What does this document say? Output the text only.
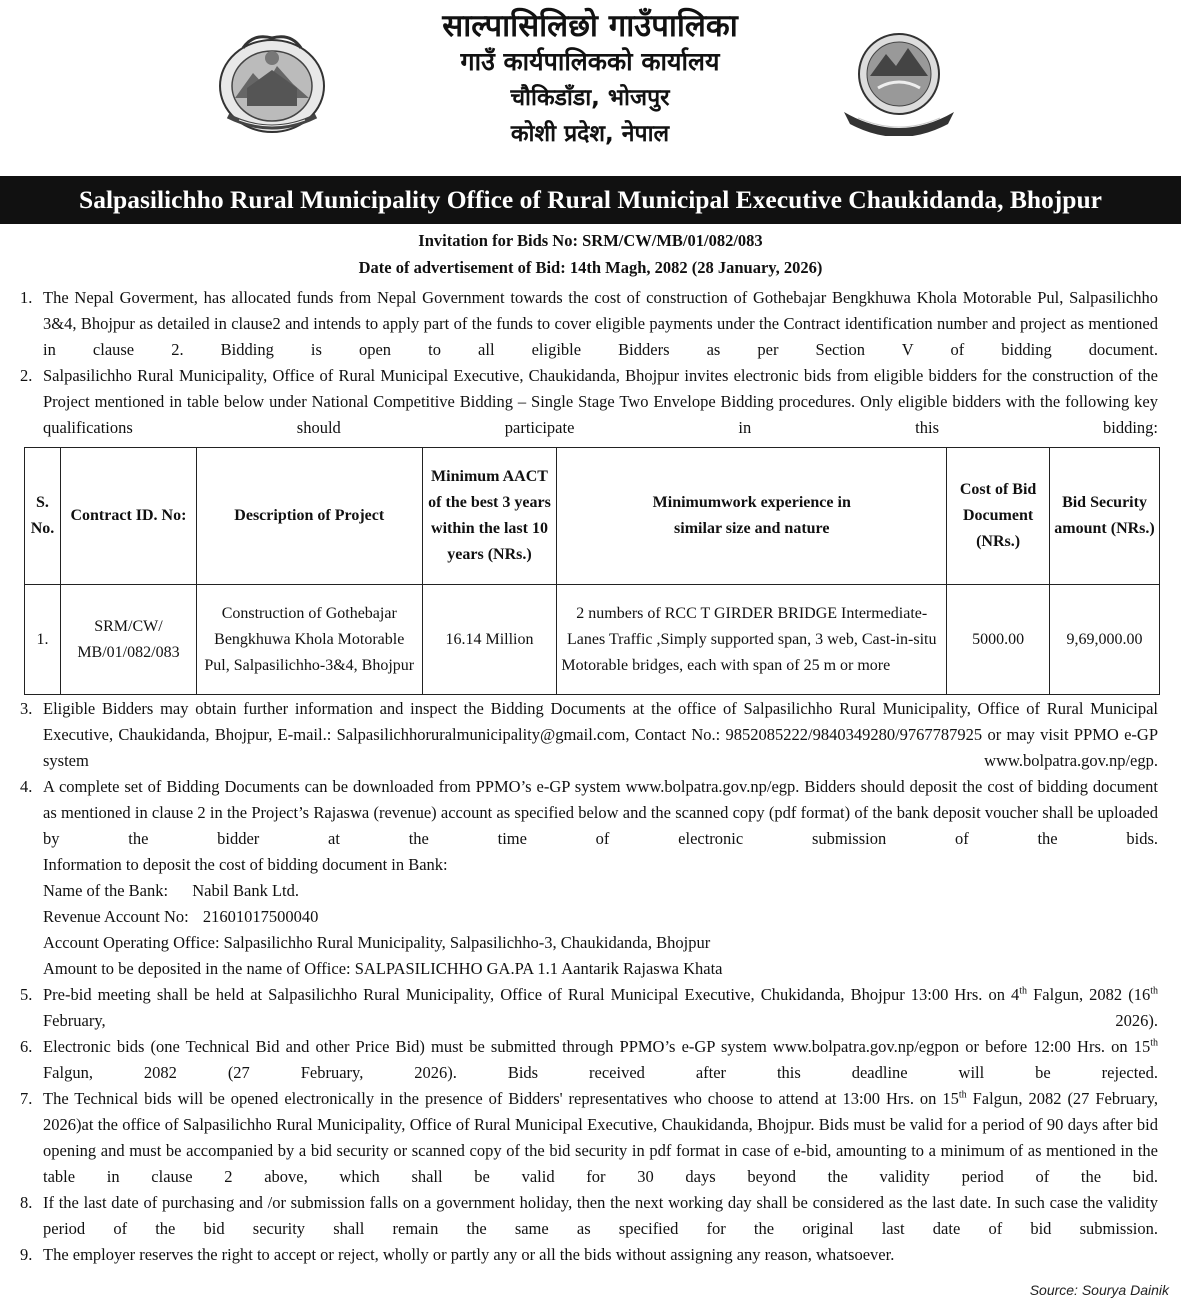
साल्पासिलिछो गाउँपालिका
गाउँ कार्यपालिकको कार्यालय
चौकिडाँडा, भोजपुर
कोशी प्रदेश, नेपाल
Salpasilichho Rural Municipality Office of Rural Municipal Executive Chaukidanda, Bhojpur
Invitation for Bids No: SRM/CW/MB/01/082/083
Date of advertisement of Bid: 14th Magh, 2082 (28 January, 2026)
1. The Nepal Goverment, has allocated funds from Nepal Government towards the cost of construction of Gothebajar Bengkhuwa Khola Motorable Pul, Salpasilichho 3&4, Bhojpur as detailed in clause2 and intends to apply part of the funds to cover eligible payments under the Contract identification number and project as mentioned in clause 2. Bidding is open to all eligible Bidders as per Section V of bidding document.
2. Salpasilichho Rural Municipality, Office of Rural Municipal Executive, Chaukidanda, Bhojpur invites electronic bids from eligible bidders for the construction of the Project mentioned in table below under National Competitive Bidding – Single Stage Two Envelope Bidding procedures. Only eligible bidders with the following key qualifications should participate in this bidding:
S. No.	Contract ID. No:	Description of Project	Minimum AACT of the best 3 years within the last 10 years (NRs.)	Minimumwork experience in similar size and nature	Cost of Bid Document (NRs.)	Bid Security amount (NRs.)
1.	SRM/CW/ MB/01/082/083	Construction of Gothebajar Bengkhuwa Khola Motorable Pul, Salpasilichho-3&4, Bhojpur	16.14 Million	2 numbers of RCC T GIRDER BRIDGE Intermediate- Lanes Traffic ,Simply supported span, 3 web, Cast-in-situ Motorable bridges, each with span of 25 m or more	5000.00	9,69,000.00
3. Eligible Bidders may obtain further information and inspect the Bidding Documents at the office of Salpasilichho Rural Municipality, Office of Rural Municipal Executive, Chaukidanda, Bhojpur, E-mail.: Salpasilichhoruralmunicipality@gmail.com, Contact No.: 9852085222/9840349280/9767787925 or may visit PPMO e-GP system www.bolpatra.gov.np/egp.
4. A complete set of Bidding Documents can be downloaded from PPMO’s e-GP system www.bolpatra.gov.np/egp. Bidders should deposit the cost of bidding document as mentioned in clause 2 in the Project’s Rajaswa (revenue) account as specified below and the scanned copy (pdf format) of the bank deposit voucher shall be uploaded by the bidder at the time of electronic submission of the bids.
Information to deposit the cost of bidding document in Bank:
Name of the Bank: Nabil Bank Ltd.
Revenue Account No: 21601017500040
Account Operating Office: Salpasilichho Rural Municipality, Salpasilichho-3, Chaukidanda, Bhojpur
Amount to be deposited in the name of Office: SALPASILICHHO GA.PA 1.1 Aantarik Rajaswa Khata
5. Pre-bid meeting shall be held at Salpasilichho Rural Municipality, Office of Rural Municipal Executive, Chukidanda, Bhojpur 13:00 Hrs. on 4th Falgun, 2082 (16th February, 2026).
6. Electronic bids (one Technical Bid and other Price Bid) must be submitted through PPMO’s e-GP system www.bolpatra.gov.np/egpon or before 12:00 Hrs. on 15th Falgun, 2082 (27 February, 2026). Bids received after this deadline will be rejected.
7. The Technical bids will be opened electronically in the presence of Bidders' representatives who choose to attend at 13:00 Hrs. on 15th Falgun, 2082 (27 February, 2026)at the office of Salpasilichho Rural Municipality, Office of Rural Municipal Executive, Chaukidanda, Bhojpur. Bids must be valid for a period of 90 days after bid opening and must be accompanied by a bid security or scanned copy of the bid security in pdf format in case of e-bid, amounting to a minimum of as mentioned in the table in clause 2 above, which shall be valid for 30 days beyond the validity period of the bid.
8. If the last date of purchasing and /or submission falls on a government holiday, then the next working day shall be considered as the last date. In such case the validity period of the bid security shall remain the same as specified for the original last date of bid submission.
9. The employer reserves the right to accept or reject, wholly or partly any or all the bids without assigning any reason, whatsoever.
Source: Sourya Dainik
